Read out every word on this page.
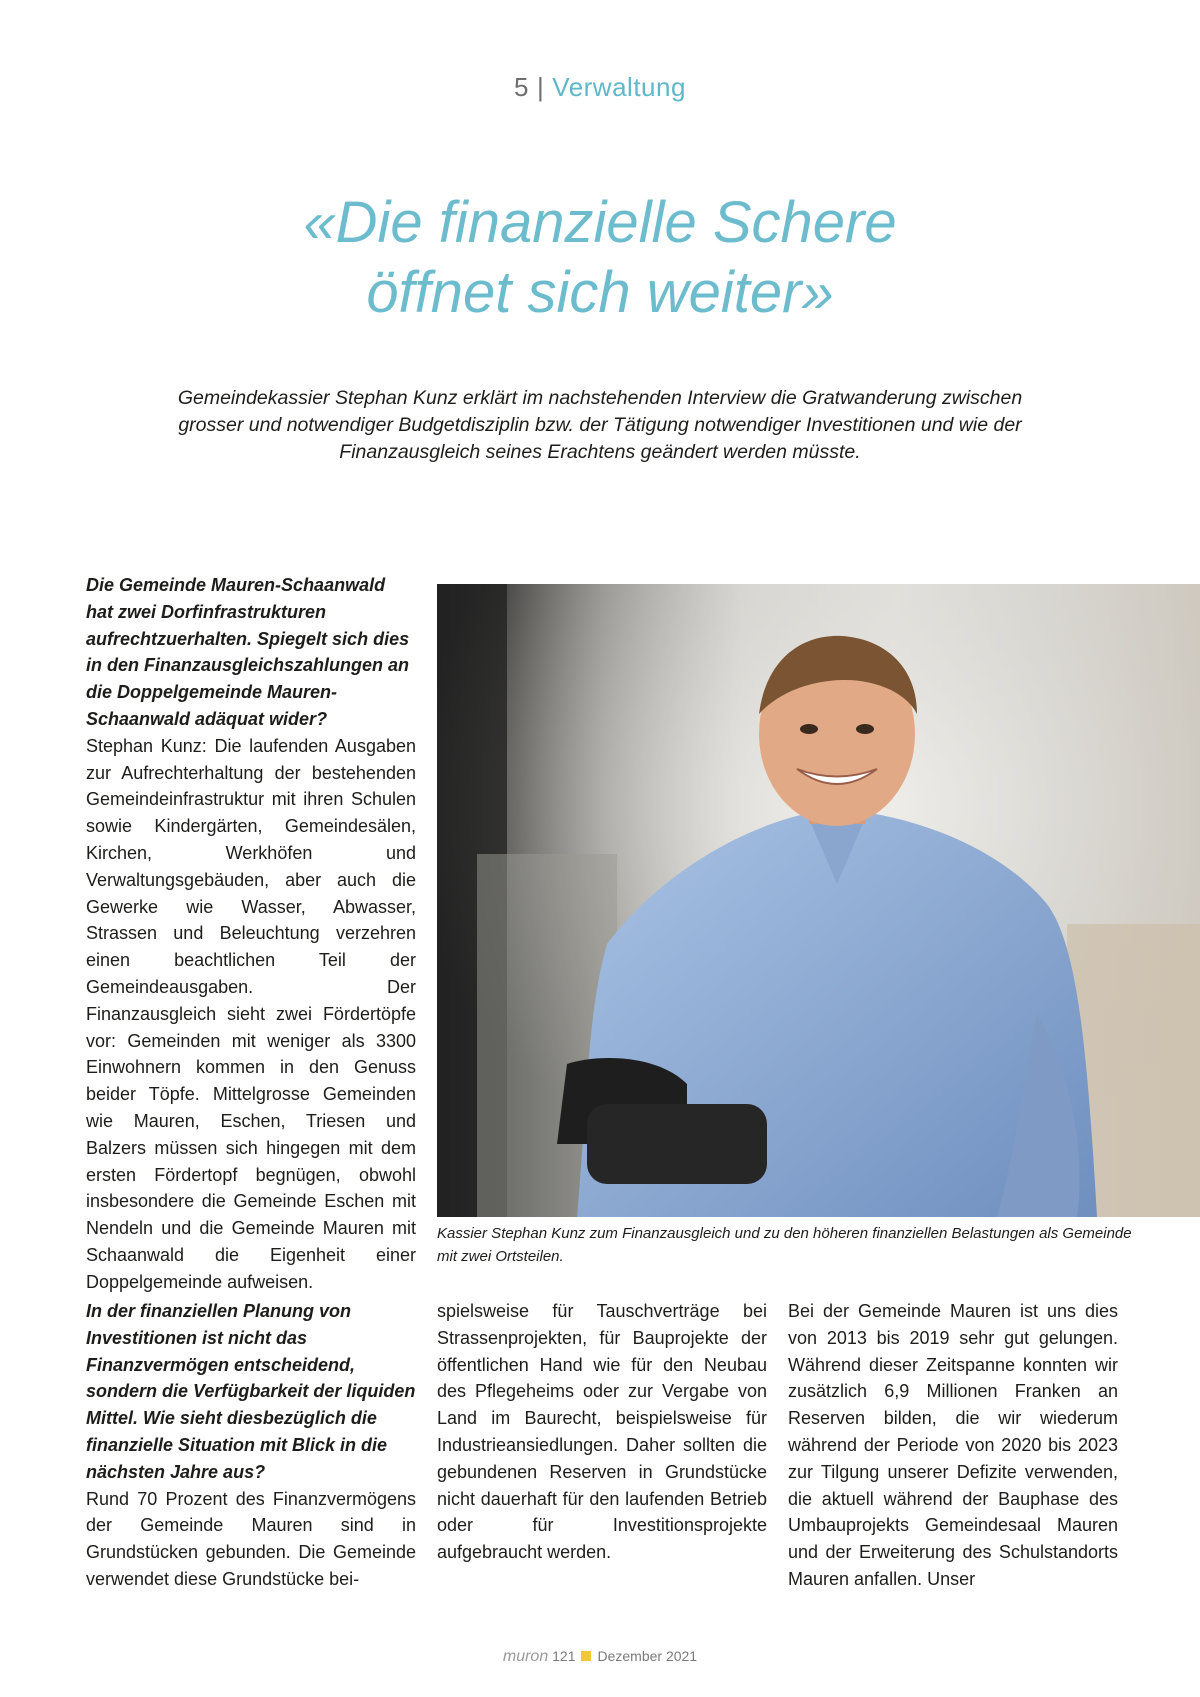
5 | Verwaltung
«Die finanzielle Schere
öffnet sich weiter»
Gemeindekassier Stephan Kunz erklärt im nachstehenden Interview die Gratwanderung zwischen grosser und notwendiger Budgetdisziplin bzw. der Tätigung notwendiger Investitionen und wie der Finanzausgleich seines Erachtens geändert werden müsste.
Die Gemeinde Mauren-Schaanwald hat zwei Dorfinfrastrukturen aufrechtzuerhalten. Spiegelt sich dies in den Finanzausgleichszahlungen an die Doppelgemeinde Mauren-Schaanwald adäquat wider?
Stephan Kunz: Die laufenden Ausgaben zur Aufrechterhaltung der bestehenden Gemeindeinfrastruktur mit ihren Schulen sowie Kindergärten, Gemeindesälen, Kirchen, Werkhöfen und Verwaltungsgebäuden, aber auch die Gewerke wie Wasser, Abwasser, Strassen und Beleuchtung verzehren einen beachtlichen Teil der Gemeindeausgaben. Der Finanzausgleich sieht zwei Fördertöpfe vor: Gemeinden mit weniger als 3300 Einwohnern kommen in den Genuss beider Töpfe. Mittelgrosse Gemeinden wie Mauren, Eschen, Triesen und Balzers müssen sich hingegen mit dem ersten Fördertopf begnügen, obwohl insbesondere die Gemeinde Eschen mit Nendeln und die Gemeinde Mauren mit Schaanwald die Eigenheit einer Doppelgemeinde aufweisen.
Kassier Stephan Kunz zum Finanzausgleich und zu den höheren finanziellen Belastungen als Gemeinde mit zwei Ortsteilen.
In der finanziellen Planung von Investitionen ist nicht das Finanzvermögen entscheidend, sondern die Verfügbarkeit der liquiden Mittel. Wie sieht diesbezüglich die finanzielle Situation mit Blick in die nächsten Jahre aus?
Rund 70 Prozent des Finanzvermögens der Gemeinde Mauren sind in Grundstücken gebunden. Die Gemeinde verwendet diese Grundstücke bei-
spielsweise für Tauschverträge bei Strassenprojekten, für Bauprojekte der öffentlichen Hand wie für den Neubau des Pflegeheims oder zur Vergabe von Land im Baurecht, beispielsweise für Industrieansiedlungen. Daher sollten die gebundenen Reserven in Grundstücke nicht dauerhaft für den laufenden Betrieb oder für Investitionsprojekte aufgebraucht werden.
Bei der Gemeinde Mauren ist uns dies von 2013 bis 2019 sehr gut gelungen. Während dieser Zeitspanne konnten wir zusätzlich 6,9 Millionen Franken an Reserven bilden, die wir wiederum während der Periode von 2020 bis 2023 zur Tilgung unserer Defizite verwenden, die aktuell während der Bauphase des Umbauprojekts Gemeindesaal Mauren und der Erweiterung des Schulstandorts Mauren anfallen. Unser
muron 121 Dezember 2021
